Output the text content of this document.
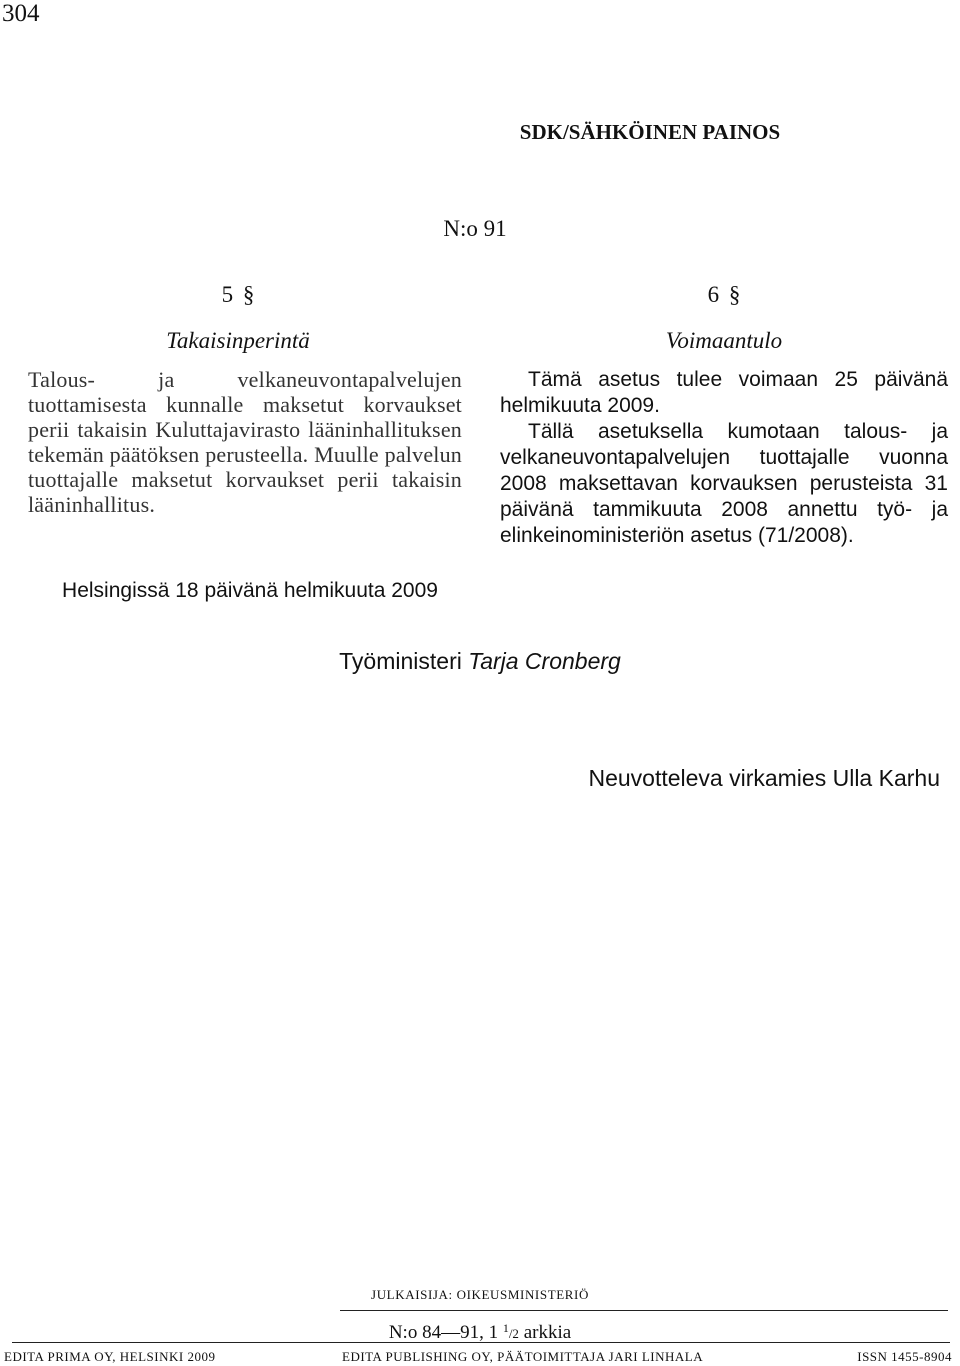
304
SDK/SÄHKÖINEN PAINOS
N:o 91
5 §
Takaisinperintä

Talous- ja velkaneuvontapalvelujen tuottamisesta kunnalle maksetut korvaukset perii takaisin Kuluttajavirasto lääninhallituksen tekemän päätöksen perusteella. Muulle palvelun tuottajalle maksetut korvaukset perii takaisin lääninhallitus.

6 §
Voimaantulo

Tämä asetus tulee voimaan 25 päivänä helmikuuta 2009.

Tällä asetuksella kumotaan talous- ja velkaneuvontapalvelujen tuottajalle vuonna 2008 maksettavan korvauksen perusteista 31 päivänä tammikuuta 2008 annettu työ- ja elinkeinoministeriön asetus (71/2008).

Helsingissä 18 päivänä helmikuuta 2009
Työministeri Tarja Cronberg
Neuvotteleva virkamies Ulla Karhu
JULKAISIJA: OIKEUSMINISTERIÖ
N:o 84—91, 1 $^1$/2 arkkia
EDITA PRIMA OY, HELSINKI 2009	EDITA PUBLISHING OY, PÄÄTOIMITTAJA JARI LINHALA	ISSN 1455-8904
